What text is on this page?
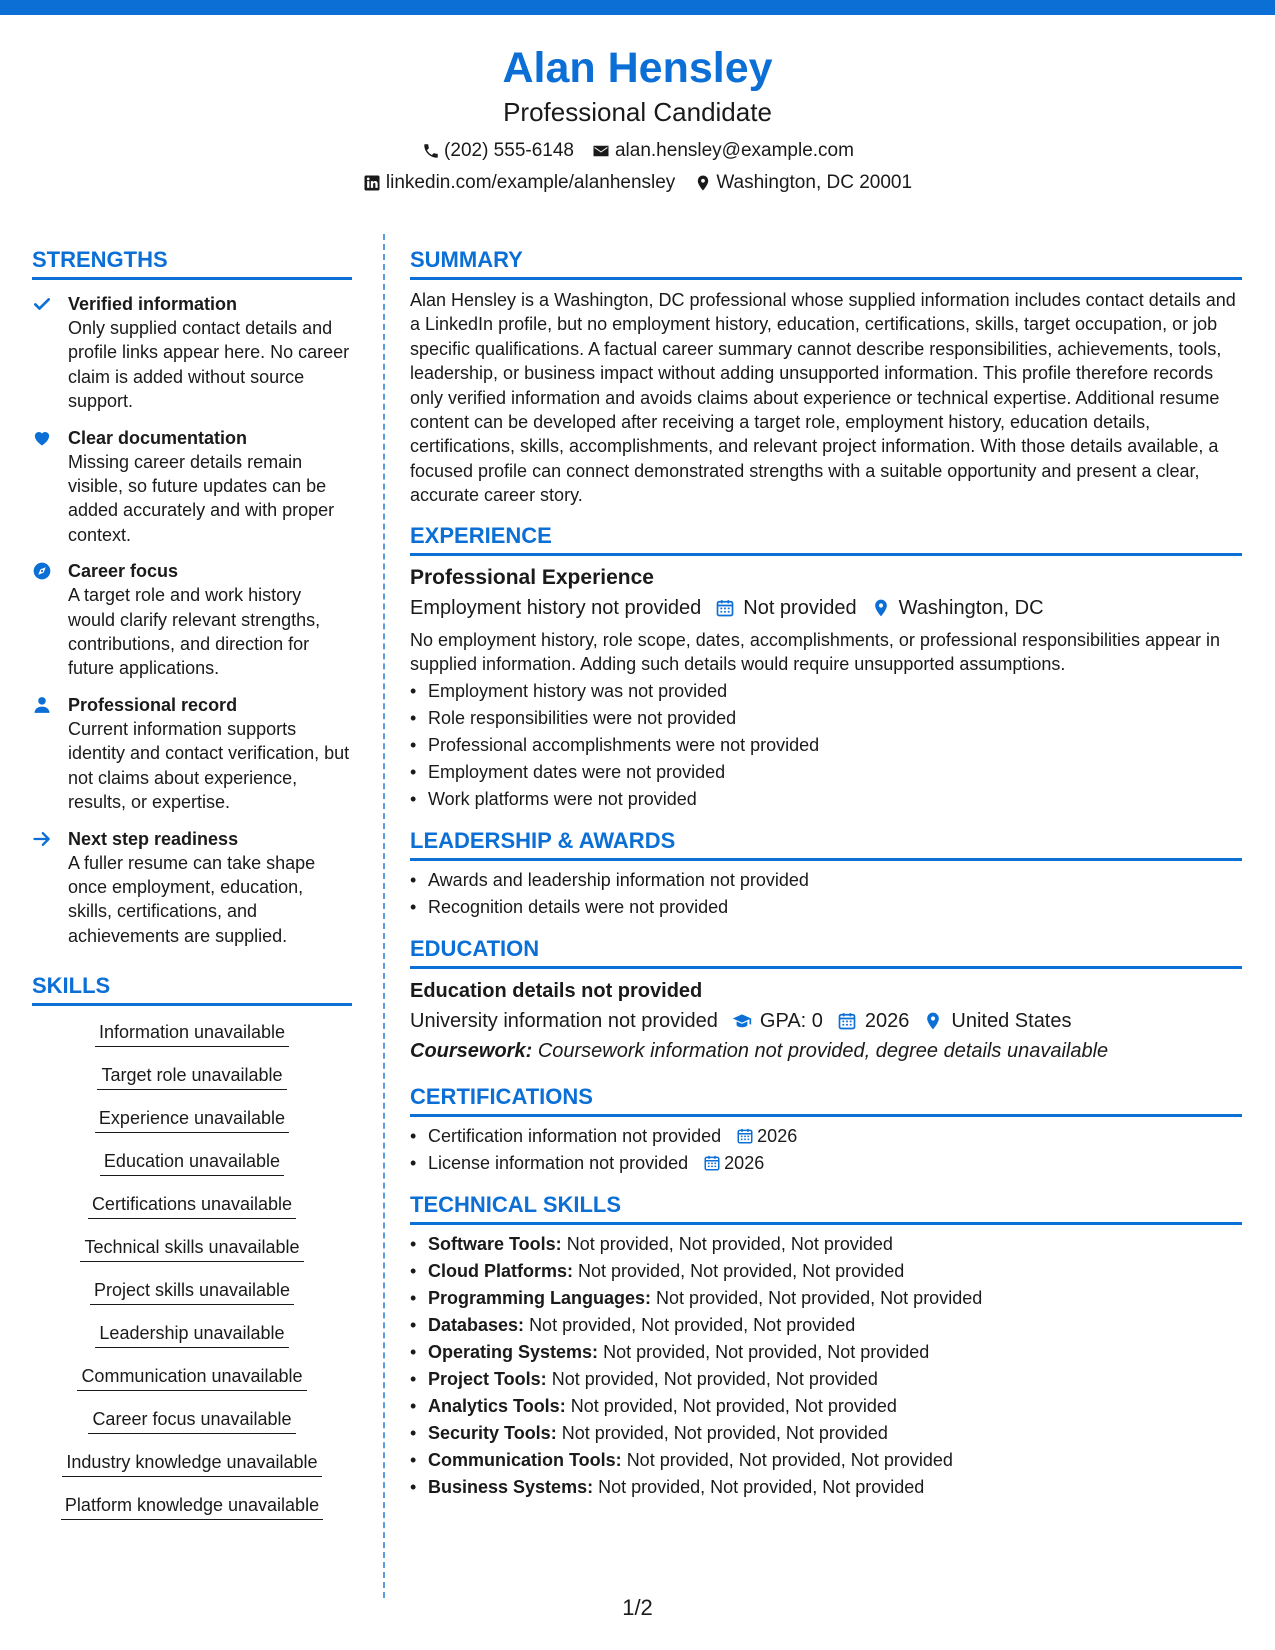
Alan Hensley
Professional Candidate
(202) 555-6148 alan.hensley@example.com
linkedin.com/example/alanhensley Washington, DC 20001
STRENGTHS
Verified information
Only supplied contact details and profile links appear here. No career claim is added without source support.
Clear documentation
Missing career details remain visible, so future updates can be added accurately and with proper context.
Career focus
A target role and work history would clarify relevant strengths, contributions, and direction for future applications.
Professional record
Current information supports identity and contact verification, but not claims about experience, results, or expertise.
Next step readiness
A fuller resume can take shape once employment, education, skills, certifications, and achievements are supplied.
SKILLS
Information unavailable
Target role unavailable
Experience unavailable
Education unavailable
Certifications unavailable
Technical skills unavailable
Project skills unavailable
Leadership unavailable
Communication unavailable
Career focus unavailable
Industry knowledge unavailable
Platform knowledge unavailable
SUMMARY
Alan Hensley is a Washington, DC professional whose supplied information includes contact details and a LinkedIn profile, but no employment history, education, certifications, skills, target occupation, or job specific qualifications. A factual career summary cannot describe responsibilities, achievements, tools, leadership, or business impact without adding unsupported information. This profile therefore records only verified information and avoids claims about experience or technical expertise. Additional resume content can be developed after receiving a target role, employment history, education details, certifications, skills, accomplishments, and relevant project information. With those details available, a focused profile can connect demonstrated strengths with a suitable opportunity and present a clear, accurate career story.
EXPERIENCE
Professional Experience
Employment history not provided Not provided Washington, DC
No employment history, role scope, dates, accomplishments, or professional responsibilities appear in supplied information. Adding such details would require unsupported assumptions.
• Employment history was not provided
• Role responsibilities were not provided
• Professional accomplishments were not provided
• Employment dates were not provided
• Work platforms were not provided
LEADERSHIP & AWARDS
• Awards and leadership information not provided
• Recognition details were not provided
EDUCATION
Education details not provided
University information not provided GPA: 0 2026 United States
Coursework: Coursework information not provided, degree details unavailable
CERTIFICATIONS
• Certification information not provided 2026
• License information not provided 2026
TECHNICAL SKILLS
• Software Tools: Not provided, Not provided, Not provided
• Cloud Platforms: Not provided, Not provided, Not provided
• Programming Languages: Not provided, Not provided, Not provided
• Databases: Not provided, Not provided, Not provided
• Operating Systems: Not provided, Not provided, Not provided
• Project Tools: Not provided, Not provided, Not provided
• Analytics Tools: Not provided, Not provided, Not provided
• Security Tools: Not provided, Not provided, Not provided
• Communication Tools: Not provided, Not provided, Not provided
• Business Systems: Not provided, Not provided, Not provided
1/2
